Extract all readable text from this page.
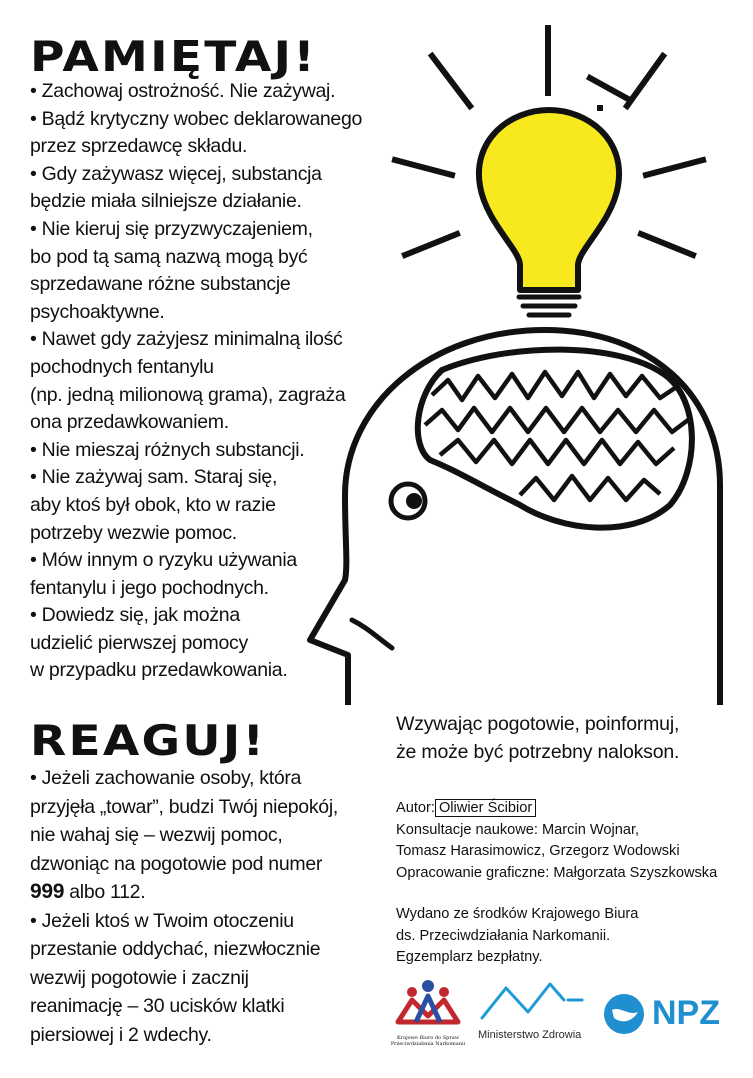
PAMIĘTAJ!
• Zachowaj ostrożność. Nie zażywaj.
• Bądź krytyczny wobec deklarowanego
przez sprzedawcę składu.
• Gdy zażywasz więcej, substancja
będzie miała silniejsze działanie.
• Nie kieruj się przyzwyczajeniem,
bo pod tą samą nazwą mogą być
sprzedawane różne substancje
psychoaktywne.
• Nawet gdy zażyjesz minimalną ilość
pochodnych fentanylu
(np. jedną milionową grama), zagraża
ona przedawkowaniem.
• Nie mieszaj różnych substancji.
• Nie zażywaj sam. Staraj się,
aby ktoś był obok, kto w razie
potrzeby wezwie pomoc.
• Mów innym o ryzyku używania
fentanylu i jego pochodnych.
• Dowiedz się, jak można
udzielić pierwszej pomocy
w przypadku przedawkowania.
REAGUJ!
• Jeżeli zachowanie osoby, która
przyjęła „towar”, budzi Twój niepokój,
nie wahaj się – wezwij pomoc,
dzwoniąc na pogotowie pod numer
999 albo 112.
• Jeżeli ktoś w Twoim otoczeniu
przestanie oddychać, niezwłocznie
wezwij pogotowie i zacznij
reanimację – 30 ucisków klatki
piersiowej i 2 wdechy.
Wzywając pogotowie, poinformuj,
że może być potrzebny nalokson.
Autor: Oliwier Ścibior
Konsultacje naukowe: Marcin Wojnar,
Tomasz Harasimowicz, Grzegorz Wodowski
Opracowanie graficzne: Małgorzata Szyszkowska
Wydano ze środków Krajowego Biura
ds. Przeciwdziałania Narkomanii.
Egzemplarz bezpłatny.
Krajowe Biuro do Spraw
Przeciwdziałania Narkomanii
Ministerstwo Zdrowia
NPZ
